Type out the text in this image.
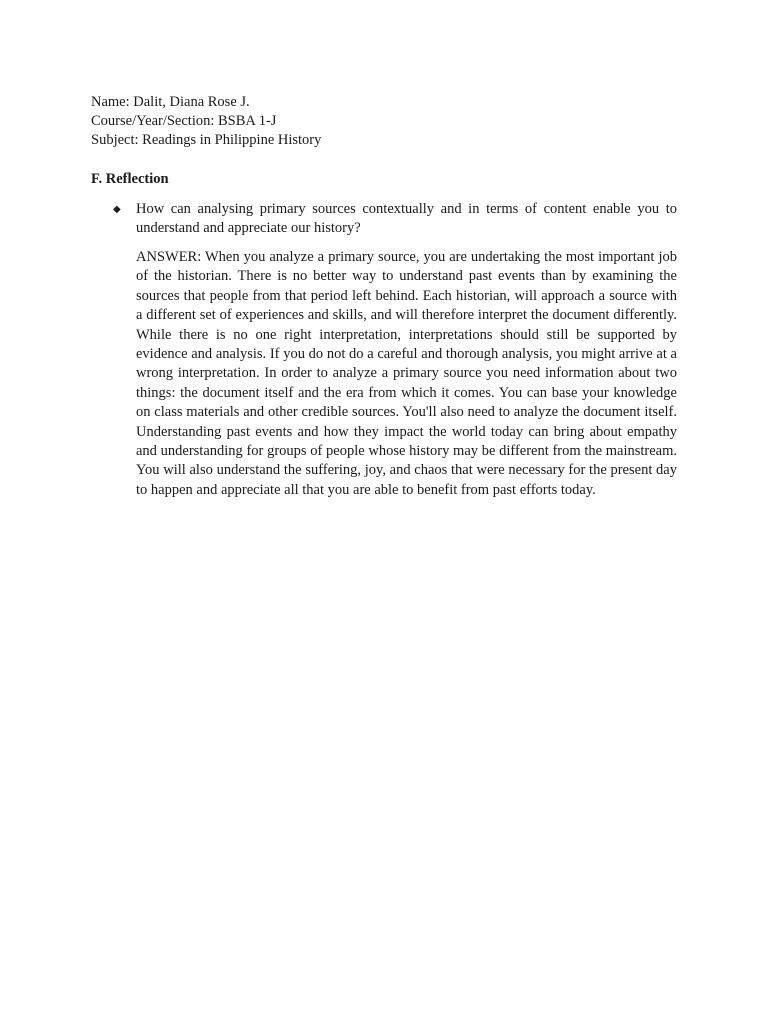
Name: Dalit, Diana Rose J.
Course/Year/Section: BSBA 1-J
Subject: Readings in Philippine History
F. Reflection
◆ How can analysing primary sources contextually and in terms of content enable you to understand and appreciate our history?
ANSWER: When you analyze a primary source, you are undertaking the most important job of the historian. There is no better way to understand past events than by examining the sources that people from that period left behind. Each historian, will approach a source with a different set of experiences and skills, and will therefore interpret the document differently. While there is no one right interpretation, interpretations should still be supported by evidence and analysis. If you do not do a careful and thorough analysis, you might arrive at a wrong interpretation. In order to analyze a primary source you need information about two things: the document itself and the era from which it comes. You can base your knowledge on class materials and other credible sources. You'll also need to analyze the document itself. Understanding past events and how they impact the world today can bring about empathy and understanding for groups of people whose history may be different from the mainstream. You will also understand the suffering, joy, and chaos that were necessary for the present day to happen and appreciate all that you are able to benefit from past efforts today.
